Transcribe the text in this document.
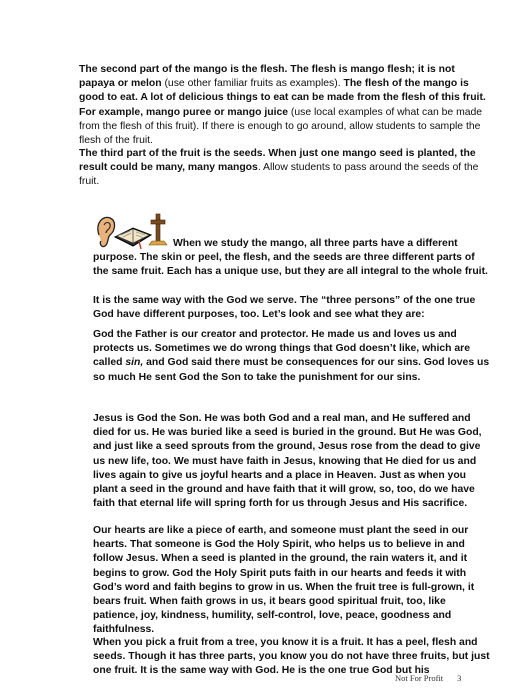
The second part of the mango is the flesh. The flesh is mango flesh; it is not papaya or melon (use other familiar fruits as examples). The flesh of the mango is good to eat. A lot of delicious things to eat can be made from the flesh of this fruit. For example, mango puree or mango juice (use local examples of what can be made from the flesh of this fruit). If there is enough to go around, allow students to sample the flesh of the fruit.

The third part of the fruit is the seeds. When just one mango seed is planted, the result could be many, many mangos. Allow students to pass around the seeds of the fruit.

When we study the mango, all three parts have a different purpose. The skin or peel, the flesh, and the seeds are three different parts of the same fruit. Each has a unique use, but they are all integral to the whole fruit.

It is the same way with the God we serve. The “three persons” of the one true God have different purposes, too. Let’s look and see what they are:

God the Father is our creator and protector. He made us and loves us and protects us. Sometimes we do wrong things that God doesn’t like, which are called sin, and God said there must be consequences for our sins. God loves us so much He sent God the Son to take the punishment for our sins.

Jesus is God the Son. He was both God and a real man, and He suffered and died for us. He was buried like a seed is buried in the ground. But He was God, and just like a seed sprouts from the ground, Jesus rose from the dead to give us new life, too. We must have faith in Jesus, knowing that He died for us and lives again to give us joyful hearts and a place in Heaven. Just as when you plant a seed in the ground and have faith that it will grow, so, too, do we have faith that eternal life will spring forth for us through Jesus and His sacrifice.

Our hearts are like a piece of earth, and someone must plant the seed in our hearts. That someone is God the Holy Spirit, who helps us to believe in and follow Jesus. When a seed is planted in the ground, the rain waters it, and it begins to grow. God the Holy Spirit puts faith in our hearts and feeds it with God’s word and faith begins to grow in us. When the fruit tree is full-grown, it bears fruit. When faith grows in us, it bears good spiritual fruit, too, like patience, joy, kindness, humility, self-control, love, peace, goodness and faithfulness.

When you pick a fruit from a tree, you know it is a fruit. It has a peel, flesh and seeds. Though it has three parts, you know you do not have three fruits, but just one fruit. It is the same way with God. He is the one true God but his

Not For Profit 3
